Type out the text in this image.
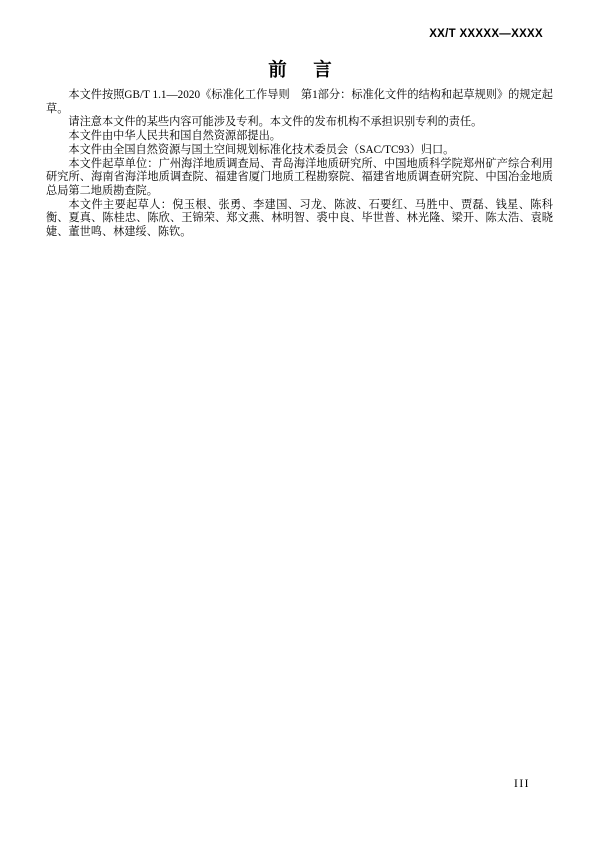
XX/T XXXXX—XXXX
前　言

本文件按照GB/T 1.1—2020《标准化工作导则　第1部分：标准化文件的结构和起草规则》的规定起草。

请注意本文件的某些内容可能涉及专利。本文件的发布机构不承担识别专利的责任。

本文件由中华人民共和国自然资源部提出。

本文件由全国自然资源与国土空间规划标准化技术委员会（SAC/TC93）归口。

本文件起草单位：广州海洋地质调查局、青岛海洋地质研究所、中国地质科学院郑州矿产综合利用研究所、海南省海洋地质调查院、福建省厦门地质工程勘察院、福建省地质调查研究院、中国冶金地质总局第二地质勘查院。

本文件主要起草人：倪玉根、张勇、李建国、习龙、陈波、石要红、马胜中、贾磊、钱星、陈科衡、夏真、陈桂忠、陈欣、王锦荣、郑文燕、林明智、裘中良、毕世普、林光隆、梁开、陈太浩、袁晓婕、董世鸣、林建绥、陈钦。

III
